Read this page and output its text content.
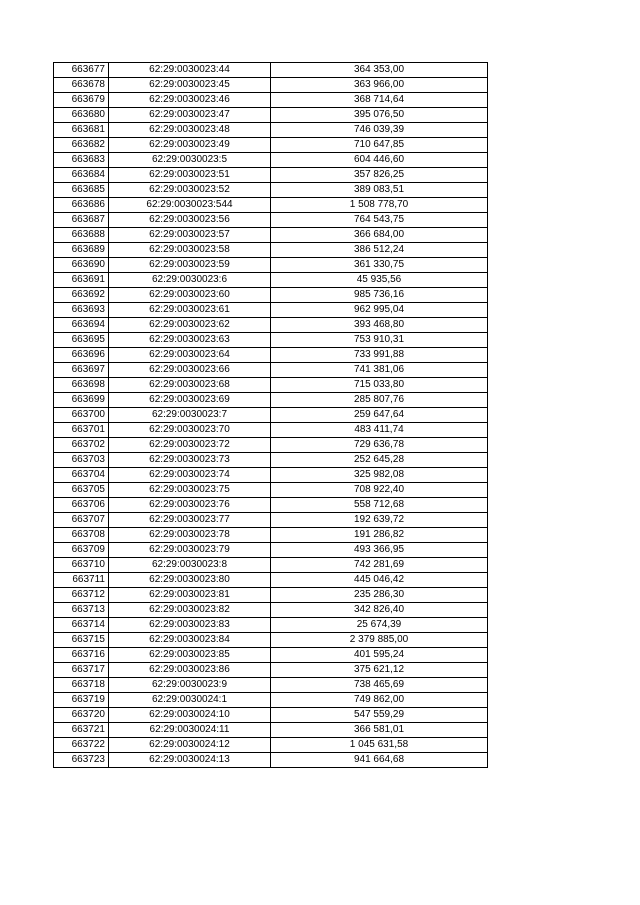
663677	62:29:0030023:44	364 353,00
663678	62:29:0030023:45	363 966,00
663679	62:29:0030023:46	368 714,64
663680	62:29:0030023:47	395 076,50
663681	62:29:0030023:48	746 039,39
663682	62:29:0030023:49	710 647,85
663683	62:29:0030023:5	604 446,60
663684	62:29:0030023:51	357 826,25
663685	62:29:0030023:52	389 083,51
663686	62:29:0030023:544	1 508 778,70
663687	62:29:0030023:56	764 543,75
663688	62:29:0030023:57	366 684,00
663689	62:29:0030023:58	386 512,24
663690	62:29:0030023:59	361 330,75
663691	62:29:0030023:6	45 935,56
663692	62:29:0030023:60	985 736,16
663693	62:29:0030023:61	962 995,04
663694	62:29:0030023:62	393 468,80
663695	62:29:0030023:63	753 910,31
663696	62:29:0030023:64	733 991,88
663697	62:29:0030023:66	741 381,06
663698	62:29:0030023:68	715 033,80
663699	62:29:0030023:69	285 807,76
663700	62:29:0030023:7	259 647,64
663701	62:29:0030023:70	483 411,74
663702	62:29:0030023:72	729 636,78
663703	62:29:0030023:73	252 645,28
663704	62:29:0030023:74	325 982,08
663705	62:29:0030023:75	708 922,40
663706	62:29:0030023:76	558 712,68
663707	62:29:0030023:77	192 639,72
663708	62:29:0030023:78	191 286,82
663709	62:29:0030023:79	493 366,95
663710	62:29:0030023:8	742 281,69
663711	62:29:0030023:80	445 046,42
663712	62:29:0030023:81	235 286,30
663713	62:29:0030023:82	342 826,40
663714	62:29:0030023:83	25 674,39
663715	62:29:0030023:84	2 379 885,00
663716	62:29:0030023:85	401 595,24
663717	62:29:0030023:86	375 621,12
663718	62:29:0030023:9	738 465,69
663719	62:29:0030024:1	749 862,00
663720	62:29:0030024:10	547 559,29
663721	62:29:0030024:11	366 581,01
663722	62:29:0030024:12	1 045 631,58
663723	62:29:0030024:13	941 664,68
